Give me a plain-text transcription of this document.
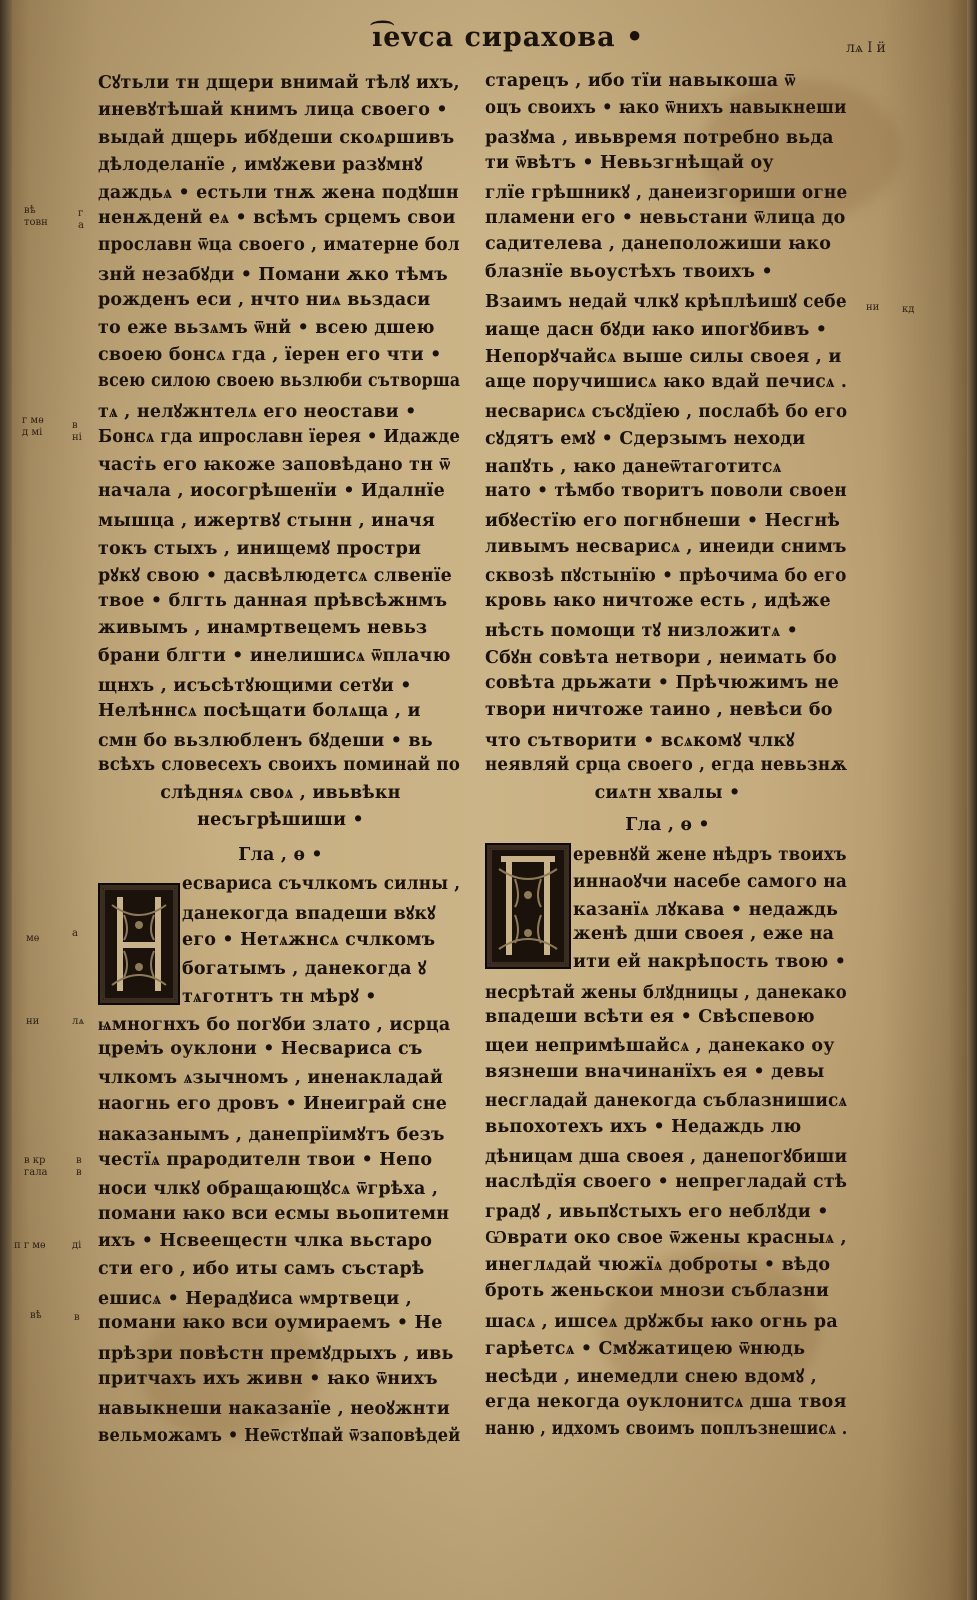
ı͡еvса сираховa •	лѧ ӏ ӥ
Сꙋтьли тн дщери внимай тѣлꙋ ихъ,
иневꙋтѣшай книмъ лица своего •
выдай дщерь ибꙋдеши скоѧршивъ
дѣлоделанїе , имꙋжеви разꙋмнꙋ
даждьѧ • естьли тнѫ жена подꙋшн
ненѫденй еѧ • всѣмъ срцемъ свои
прославн ѿца своего , иматерне бол
знй незабꙋди • Помани ѫко тѣмъ
рожденъ еси , нчто ниѧ вьздаси
то еже вьзѧмъ ѿнй • всею дшею
своею бонсѧ гда , їерен его чти •
всею силою своею вьзлюби сътворша
тѧ , нелꙋжнтелѧ его неостави •
Бонсѧ гда ипрославн їерея • Идажде
част̇ь его ꙗкоже заповѣдано тн ѿ
начала , иосогрѣшенїи • Идалнїе
мышца , ижертвꙋ стынн , иначя
токъ стыхъ , инищемꙋ простри
рꙋкꙋ свою • дасвѣлюдетсѧ слвенїе
твое • блгть данная прѣвсѣжнмъ
живымъ , инамртвецемъ невьз
брани блгти • инелишисѧ ѿплачю
щнхъ , исъсѣтꙋющими сетꙋи •
Нелѣннсѧ посѣщати болѧща , и
смн бо вьзлюбленъ бꙋдеши • вь
всѣхъ словесехъ своихъ поминай по
слѣдняѧ своѧ , ивьвѣкн
несъгрѣшиши •
Гла , ѳ •
есвариса съчлкомъ силны ,
данекогда впадеши вꙋкꙋ
его • Нетѧжнсѧ счлкомъ
богатымъ , данекогда ꙋ
тѧготнтъ тн мѣрꙋ •
ѩмногнхъ бо погꙋби злато , исрца
црем̇ъ оуклони • Несвариса съ
члкомъ ѧзычномъ , иненакладай
наогнь его дровъ • Инеиграй сне
наказанымъ , данепрїимꙋтъ безъ
честїѧ прародителн твои • Непо
носи члкꙋ обращающꙋсѧ ѿгрѣха ,
помани ꙗко вси есмы вьопитемн
ихъ • Нсвеещестн члка вьстаро
сти его , ибо иты самъ състарѣ
ешисѧ • Нерадꙋиса ѡмртвеци ,
помани ꙗко вси оумираемъ • Не
прѣзри повѣстн премꙋдрыхъ , ивь
притчахъ ихъ живн • ꙗко ѿнихъ
навыкнеши наказанїе , неоꙋжнти
вельможамъ • Неѿстꙋпай ѿзаповѣдей
старецъ , ибо тїи навыкоша ѿ
оцъ своихъ • ꙗко ѿнихъ навыкнеши
разꙋма , ивьвремя потребно вьда
ти ѿвѣтъ • Невьзгнѣщай оу
глїе грѣшникꙋ , данеизгориши огне
пламени его • невьстани ѿлица до
садителева , данеположиши ꙗко
блазнїе вьоустѣхъ твоихъ •
Взаимъ недай члкꙋ крѣплѣишꙋ себе
иаще дасн бꙋди ꙗко ипогꙋбивъ •
Непорꙋчайсѧ выше силы своея , и
аще поручишисѧ ꙗко вдай печисѧ .
несварисѧ съсꙋдїею , послабѣ бо его
сꙋдятъ емꙋ • Сдерзымъ неходи
напꙋть , ꙗко данеѿтаготитсѧ
нато • тѣмбо творитъ поволи своен
ибꙋестїю его погнбнеши • Несгнѣ
ливымъ несварисѧ , инеиди снимъ
сквозѣ пꙋстынїю • прѣочима бо его
кровь ꙗко ничтоже есть , идѣже
нѣсть помощи тꙋ низложитѧ •
Сбꙋн совѣта нетвори , неимать бо
совѣта дрьжати • Прѣчюжимъ не
твори ничтоже таино , невѣси бо
что сътворити • всѧкомꙋ члкꙋ
неявляй срца своего , егда невьзнѫ
сиѧтн хвалы •
Гла , ѳ •
еревнꙋй жене нѣдръ твоихъ
иннаоꙋчи насебе самого на
казанїѧ лꙋкава • недаждь
женѣ дши своея , еже на
ити ей накрѣпость твою •
несрѣтай жены блꙋдницы , данекако
впадеши всѣти ея • Свѣспевою
щеи непримѣшайсѧ , данекако оу
вязнеши вначинанїхъ ея • девы
несгладай данекогда съблазнишисѧ
вьпохотехъ ихъ • Недаждь лю
дѣницам дша своея , данепогꙋбиши
наслѣдїя своего • непрегладай стѣ
градꙋ , ивьпꙋстыхъ его неблꙋди •
Ѡврати око свое ѿжены красныѧ ,
инеглѧдай чюжїѧ доброты • вѣдо
броть женьскои мнози съблазни
шасѧ , ишсеѧ дрꙋжбы ꙗко огнь ра
гарѣетсѧ • Смꙋжатицею ѿнюдь
несѣди , инемедли снею вдомꙋ ,
егда некогда оуклонитсѧ дша твоя
наню , идхомъ своимъ поплъзнешисѧ .
вѣ
товн
г
а
г мѳ
д мі
в
ні
мѳ	а
ни	лѧ
в кр
гала
в
в
п г мѳ	ді
вѣ	в
ни кд
